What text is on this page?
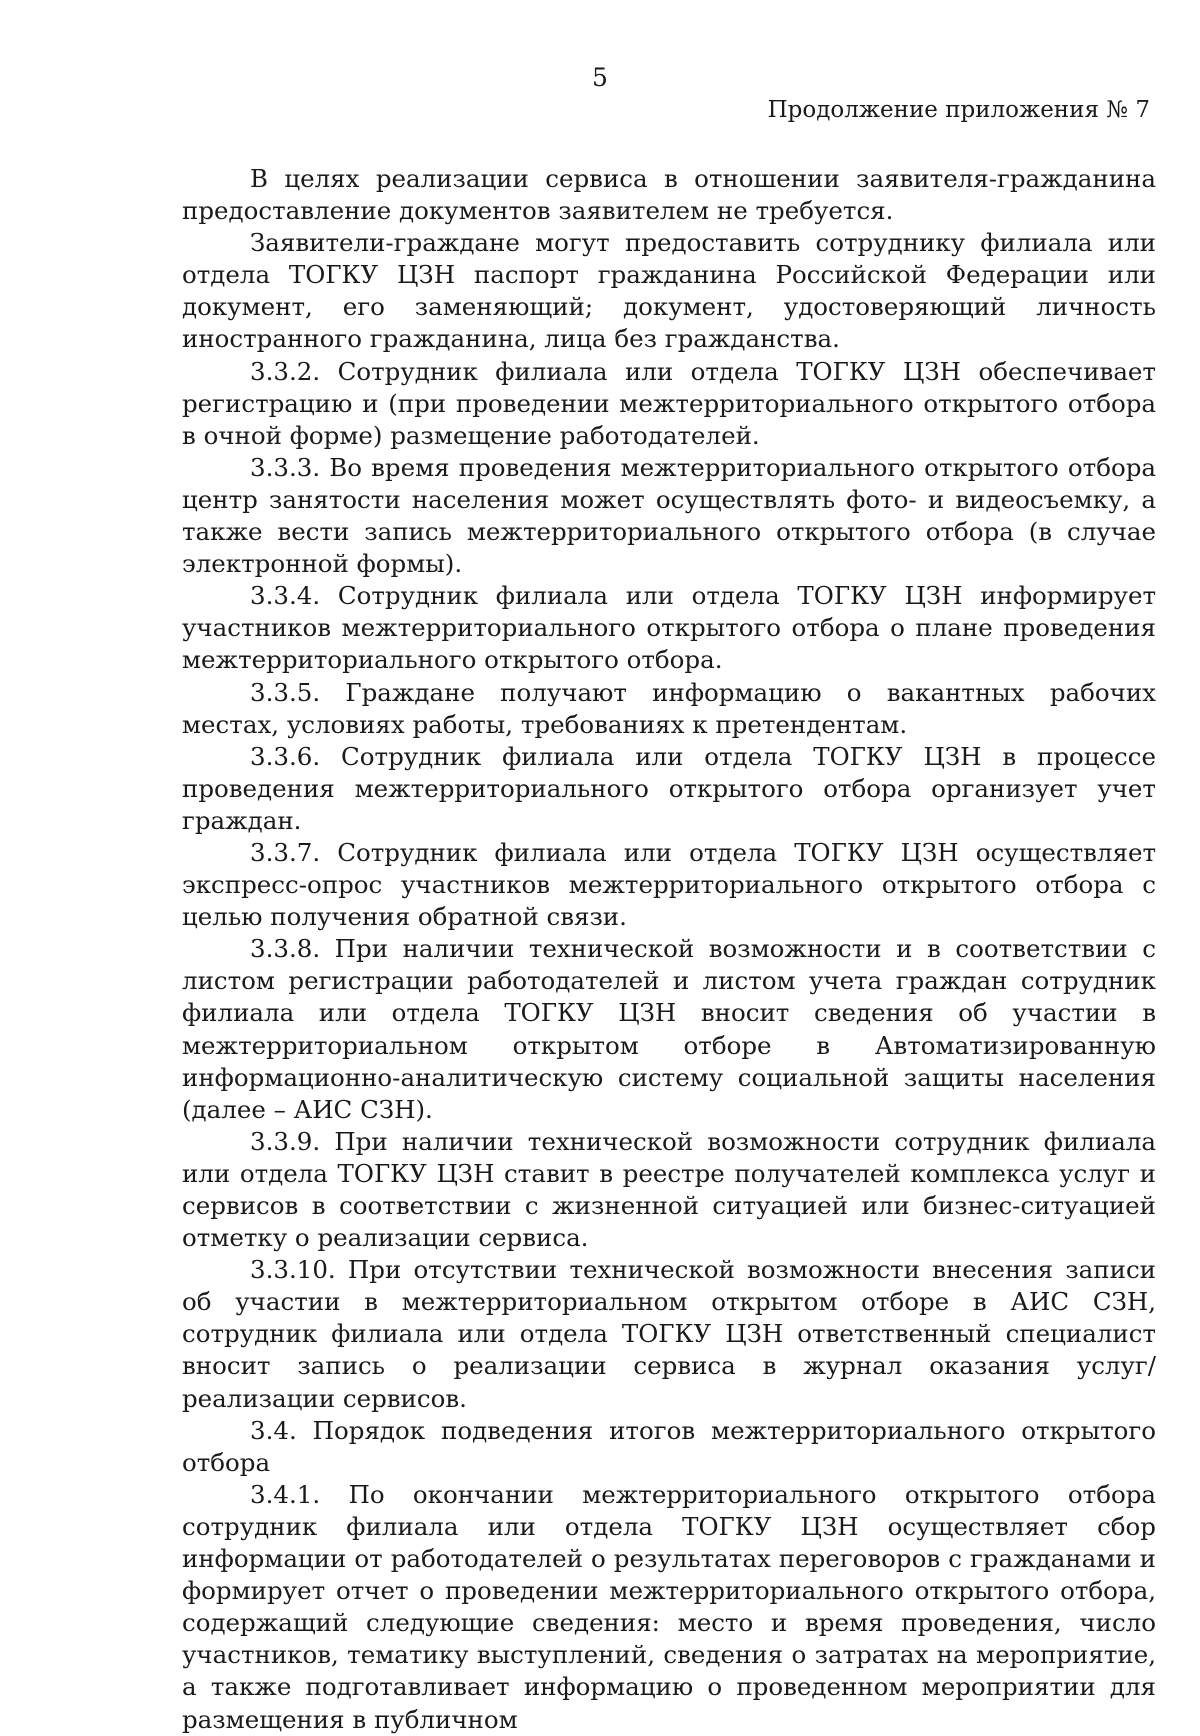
5
Продолжение приложения № 7

В целях реализации сервиса в отношении заявителя-гражданина предоставление документов заявителем не требуется.

Заявители-граждане могут предоставить сотруднику филиала или отдела ТОГКУ ЦЗН паспорт гражданина Российской Федерации или документ, его заменяющий; документ, удостоверяющий личность иностранного гражданина, лица без гражданства.

3.3.2. Сотрудник филиала или отдела ТОГКУ ЦЗН обеспечивает регистрацию и (при проведении межтерриториального открытого отбора в очной форме) размещение работодателей.

3.3.3. Во время проведения межтерриториального открытого отбора центр занятости населения может осуществлять фото- и видеосъемку, а также вести запись межтерриториального открытого отбора (в случае электронной формы).

3.3.4. Сотрудник филиала или отдела ТОГКУ ЦЗН информирует участников межтерриториального открытого отбора о плане проведения межтерриториального открытого отбора.

3.3.5. Граждане получают информацию о вакантных рабочих местах, условиях работы, требованиях к претендентам.

3.3.6. Сотрудник филиала или отдела ТОГКУ ЦЗН в процессе проведения межтерриториального открытого отбора организует учет граждан.

3.3.7. Сотрудник филиала или отдела ТОГКУ ЦЗН осуществляет экспресс-опрос участников межтерриториального открытого отбора с целью получения обратной связи.

3.3.8. При наличии технической возможности и в соответствии с листом регистрации работодателей и листом учета граждан сотрудник филиала или отдела ТОГКУ ЦЗН вносит сведения об участии в межтерриториальном открытом отборе в Автоматизированную информационно-аналитическую систему социальной защиты населения (далее – АИС СЗН).

3.3.9. При наличии технической возможности сотрудник филиала или отдела ТОГКУ ЦЗН ставит в реестре получателей комплекса услуг и сервисов в соответствии с жизненной ситуацией или бизнес-ситуацией отметку о реализации сервиса.

3.3.10. При отсутствии технической возможности внесения записи об участии в межтерриториальном открытом отборе в АИС СЗН, сотрудник филиала или отдела ТОГКУ ЦЗН ответственный специалист вносит запись о реализации сервиса в журнал оказания услуг/реализации сервисов.

3.4. Порядок подведения итогов межтерриториального открытого отбора

3.4.1. По окончании межтерриториального открытого отбора сотрудник филиала или отдела ТОГКУ ЦЗН осуществляет сбор информации от работодателей о результатах переговоров с гражданами и формирует отчет о проведении межтерриториального открытого отбора, содержащий следующие сведения: место и время проведения, число участников, тематику выступлений, сведения о затратах на мероприятие, а также подготавливает информацию о проведенном мероприятии для размещения в публичном
